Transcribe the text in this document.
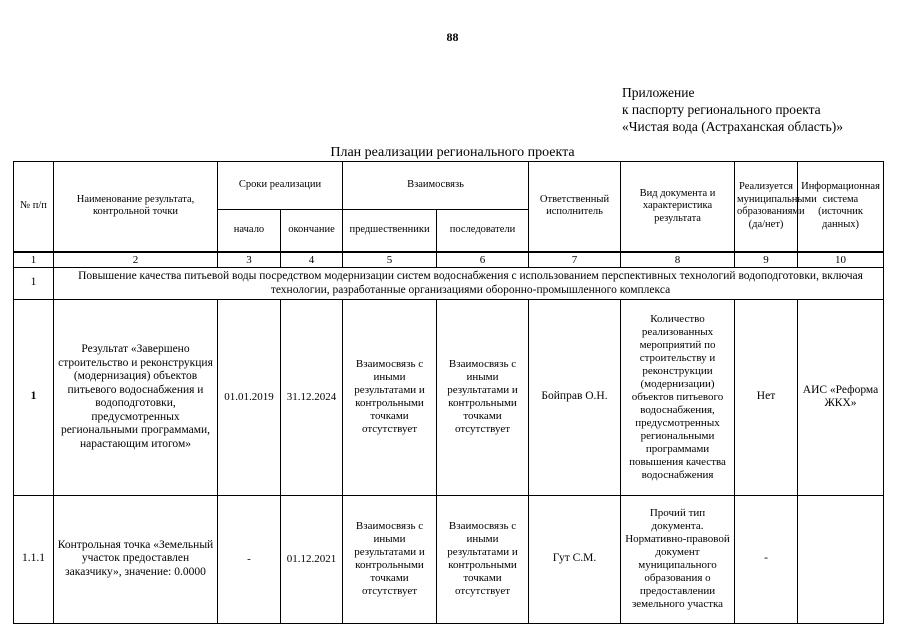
88
Приложение
к паспорту регионального проекта
«Чистая вода (Астраханская область)»
План реализации регионального проекта
№ п/п	Наименование результата, контрольной точки	Сроки реализации		Взаимосвязь		Ответственный исполнитель	Вид документа и характеристика результата	Реализуется муниципальными образованиями (да/нет)	Информационная система (источник данных)
		начало	окончание	предшественники	последователи				
1	2	3	4	5	6	7	8	9	10
1	Повышение качества питьевой воды посредством модернизации систем водоснабжения с использованием перспективных технологий водоподготовки, включая технологии, разработанные организациями оборонно-промышленного комплекса								
1	Результат «Завершено строительство и реконструкция (модернизация) объектов питьевого водоснабжения и водоподготовки, предусмотренных региональными программами, нарастающим итогом»	01.01.2019	31.12.2024	Взаимосвязь с иными результатами и контрольными точками отсутствует	Взаимосвязь с иными результатами и контрольными точками отсутствует	Бойправ О.Н.	Количество реализованных мероприятий по строительству и реконструкции (модернизации) объектов питьевого водоснабжения, предусмотренных региональными программами повышения качества водоснабжения	Нет	АИС «Реформа ЖКХ»
1.1.1	Контрольная точка «Земельный участок предоставлен заказчику», значение: 0.0000	-	01.12.2021	Взаимосвязь с иными результатами и контрольными точками отсутствует	Взаимосвязь с иными результатами и контрольными точками отсутствует	Гут С.М.	Прочий тип документа. Нормативно-правовой документ муниципального образования о предоставлении земельного участка	-	
